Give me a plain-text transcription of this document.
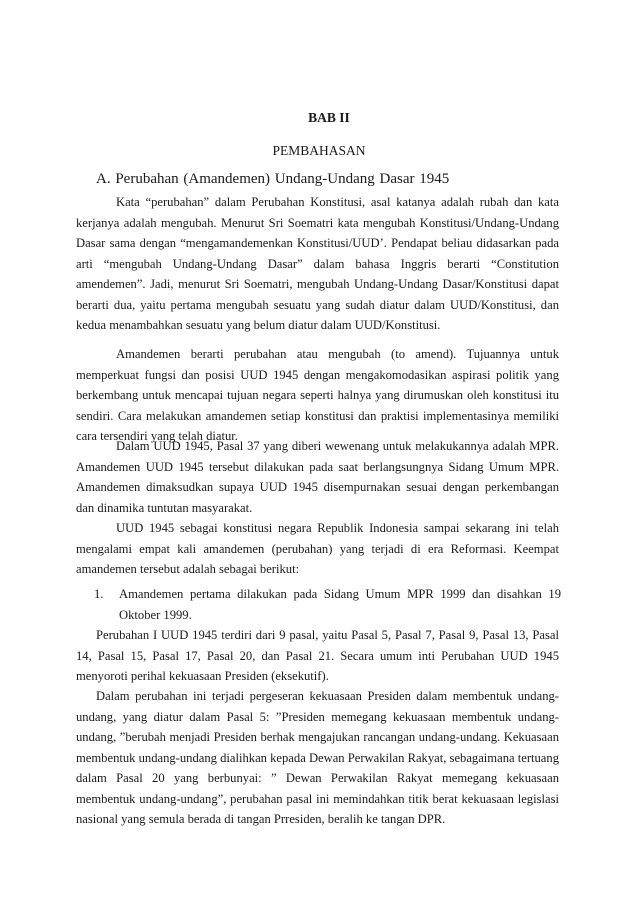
BAB II
PEMBAHASAN
A. Perubahan (Amandemen) Undang-Undang Dasar 1945

Kata “perubahan” dalam Perubahan Konstitusi, asal katanya adalah rubah dan kata kerjanya adalah mengubah. Menurut Sri Soematri kata mengubah Konstitusi/Undang-Undang Dasar sama dengan “mengamandemenkan Konstitusi/UUD’. Pendapat beliau didasarkan pada arti “mengubah Undang-Undang Dasar” dalam bahasa Inggris berarti “Constitution amendemen”. Jadi, menurut Sri Soematri, mengubah Undang-Undang Dasar/Konstitusi dapat berarti dua, yaitu pertama mengubah sesuatu yang sudah diatur dalam UUD/Konstitusi, dan kedua menambahkan sesuatu yang belum diatur dalam UUD/Konstitusi.

Amandemen berarti perubahan atau mengubah (to amend). Tujuannya untuk memperkuat fungsi dan posisi UUD 1945 dengan mengakomodasikan aspirasi politik yang berkembang untuk mencapai tujuan negara seperti halnya yang dirumuskan oleh konstitusi itu sendiri. Cara melakukan amandemen setiap konstitusi dan praktisi implementasinya memiliki cara tersendiri yang telah diatur.

Dalam UUD 1945, Pasal 37 yang diberi wewenang untuk melakukannya adalah MPR. Amandemen UUD 1945 tersebut dilakukan pada saat berlangsungnya Sidang Umum MPR. Amandemen dimaksudkan supaya UUD 1945 disempurnakan sesuai dengan perkembangan dan dinamika tuntutan masyarakat.

UUD 1945 sebagai konstitusi negara Republik Indonesia sampai sekarang ini telah mengalami empat kali amandemen (perubahan) yang terjadi di era Reformasi. Keempat amandemen tersebut adalah sebagai berikut:

1.	Amandemen pertama dilakukan pada Sidang Umum MPR 1999 dan disahkan 19 Oktober 1999.

Perubahan I UUD 1945 terdiri dari 9 pasal, yaitu Pasal 5, Pasal 7, Pasal 9, Pasal 13, Pasal 14, Pasal 15, Pasal 17, Pasal 20, dan Pasal 21. Secara umum inti Perubahan UUD 1945 menyoroti perihal kekuasaan Presiden (eksekutif).

Dalam perubahan ini terjadi pergeseran kekuasaan Presiden dalam membentuk undang-undang, yang diatur dalam Pasal 5: ”Presiden memegang kekuasaan membentuk undang-undang, ”berubah menjadi Presiden berhak mengajukan rancangan undang-undang. Kekuasaan membentuk undang-undang dialihkan kepada Dewan Perwakilan Rakyat, sebagaimana tertuang dalam Pasal 20 yang berbunyai: ” Dewan Perwakilan Rakyat memegang kekuasaan membentuk undang-undang”, perubahan pasal ini memindahkan titik berat kekuasaan legislasi nasional yang semula berada di tangan Prresiden, beralih ke tangan DPR.
